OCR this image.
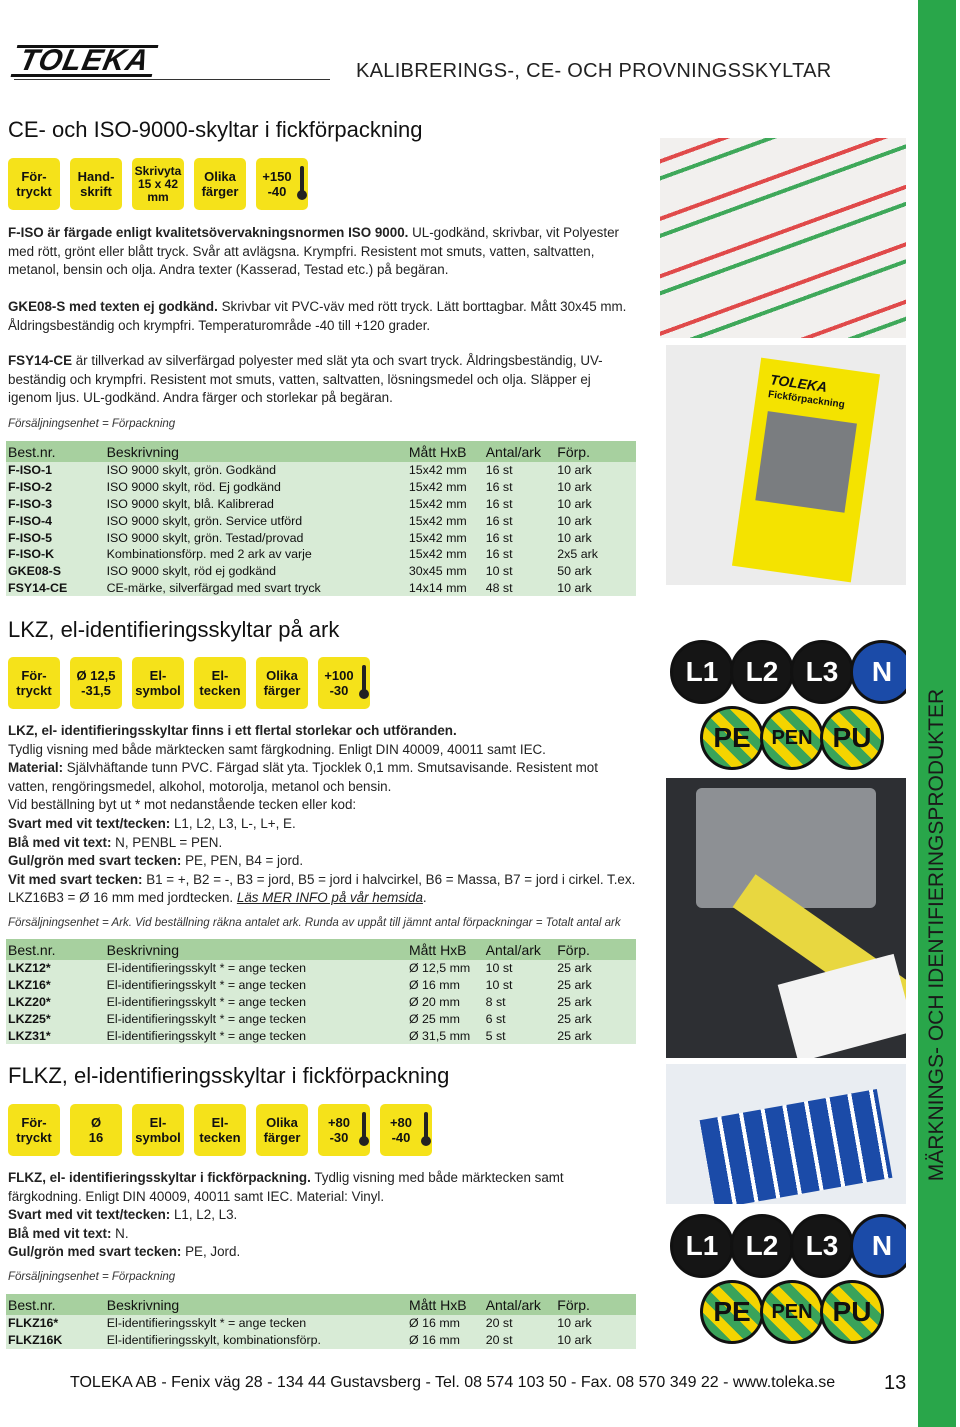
TOLEKA	KALIBRERINGS-, CE- OCH PROVNINGSSKYLTAR
MÄRKNINGS- OCH IDENTIFIERINGSPRODUKTER
CE- och ISO-9000-skyltar i fickförpackning
För-
tryckt
Hand-
skrift
Skrivyta
15 x 42
mm
Olika
färger
+150
-40
F-ISO är färgade enligt kvalitetsövervakningsnormen ISO 9000. UL-godkänd, skrivbar, vit Polyester med rött, grönt eller blått tryck. Svår att avlägsna. Krympfri. Resistent mot smuts, vatten, saltvatten, metanol, bensin och olja. Andra texter (Kasserad, Testad etc.) på begäran.
GKE08-S med texten ej godkänd. Skrivbar vit PVC-väv med rött tryck. Lätt borttagbar. Mått 30x45 mm. Åldringsbeständig och krympfri. Temperaturområde -40 till +120 grader.
FSY14-CE är tillverkad av silverfärgad polyester med slät yta och svart tryck. Åldringsbeständig, UV-beständig och krympfri. Resistent mot smuts, vatten, saltvatten, lösningsmedel och olja. Släpper ej igenom ljus. UL-godkänd. Andra färger och storlekar på begäran.
Försäljningsenhet = Förpackning
Best.nr.	Beskrivning	Mått HxB	Antal/ark	Förp.
F-ISO-1	ISO 9000 skylt, grön. Godkänd	15x42 mm	16 st	10 ark
F-ISO-2	ISO 9000 skylt, röd. Ej godkänd	15x42 mm	16 st	10 ark
F-ISO-3	ISO 9000 skylt, blå. Kalibrerad	15x42 mm	16 st	10 ark
F-ISO-4	ISO 9000 skylt, grön. Service utförd	15x42 mm	16 st	10 ark
F-ISO-5	ISO 9000 skylt, grön. Testad/provad	15x42 mm	16 st	10 ark
F-ISO-K	Kombinationsförp. med 2 ark av varje	15x42 mm	16 st	2x5 ark
GKE08-S	ISO 9000 skylt, röd ej godkänd	30x45 mm	10 st	50 ark
FSY14-CE	CE-märke, silverfärgad med svart tryck	14x14 mm	48 st	10 ark
LKZ, el-identifieringsskyltar på ark
För-
tryckt
Ø 12,5
-31,5
El-
symbol
El-
tecken
Olika
färger
+100
-30
LKZ, el- identifieringsskyltar finns i ett flertal storlekar och utföranden.
Tydlig visning med både märktecken samt färgkodning. Enligt DIN 40009, 40011 samt IEC.
Material: Självhäftande tunn PVC. Färgad slät yta. Tjocklek 0,1 mm. Smutsavisande. Resistent mot vatten, rengöringsmedel, alkohol, motorolja, metanol och bensin.
Vid beställning byt ut * mot nedanstående tecken eller kod:
Svart med vit text/tecken: L1, L2, L3, L-, L+, E.
Blå med vit text: N, PENBL = PEN.
Gul/grön med svart tecken: PE, PEN, B4 = jord.
Vit med svart tecken: B1 = +, B2 = -, B3 = jord, B5 = jord i halvcirkel, B6 = Massa, B7 = jord i cirkel. T.ex. LKZ16B3 = Ø 16 mm med jordtecken. Läs MER INFO på vår hemsida.
Försäljningsenhet = Ark. Vid beställning räkna antalet ark. Runda av uppåt till jämnt antal förpackningar = Totalt antal ark
Best.nr.	Beskrivning	Mått HxB	Antal/ark	Förp.
LKZ12*	El-identifieringsskylt * = ange tecken	Ø 12,5 mm	10 st	25 ark
LKZ16*	El-identifieringsskylt * = ange tecken	Ø 16 mm	10 st	25 ark
LKZ20*	El-identifieringsskylt * = ange tecken	Ø 20 mm	8 st	25 ark
LKZ25*	El-identifieringsskylt * = ange tecken	Ø 25 mm	6 st	25 ark
LKZ31*	El-identifieringsskylt * = ange tecken	Ø 31,5 mm	5 st	25 ark
FLKZ, el-identifieringsskyltar i fickförpackning
För-
tryckt
Ø
16
El-
symbol
El-
tecken
Olika
färger
+80
-30
+80
-40
FLKZ, el- identifieringsskyltar i fickförpackning. Tydlig visning med både märktecken samt färgkodning. Enligt DIN 40009, 40011 samt IEC. Material: Vinyl.
Svart med vit text/tecken: L1, L2, L3.
Blå med vit text: N.
Gul/grön med svart tecken: PE, Jord.
Försäljningsenhet = Förpackning
Best.nr.	Beskrivning	Mått HxB	Antal/ark	Förp.
FLKZ16*	El-identifieringsskylt * = ange tecken	Ø 16 mm	20 st	10 ark
FLKZ16K	El-identifieringsskylt, kombinationsförp.	Ø 16 mm	20 st	10 ark
TOLEKA
Fickförpackning
L1 L2 L3	N
PE	PEN PU
L1 L2 L3	N
PE	PEN PU
TOLEKA AB - Fenix väg 28 - 134 44 Gustavsberg - Tel. 08 574 103 50 - Fax. 08 570 349 22 - www.toleka.se 13
